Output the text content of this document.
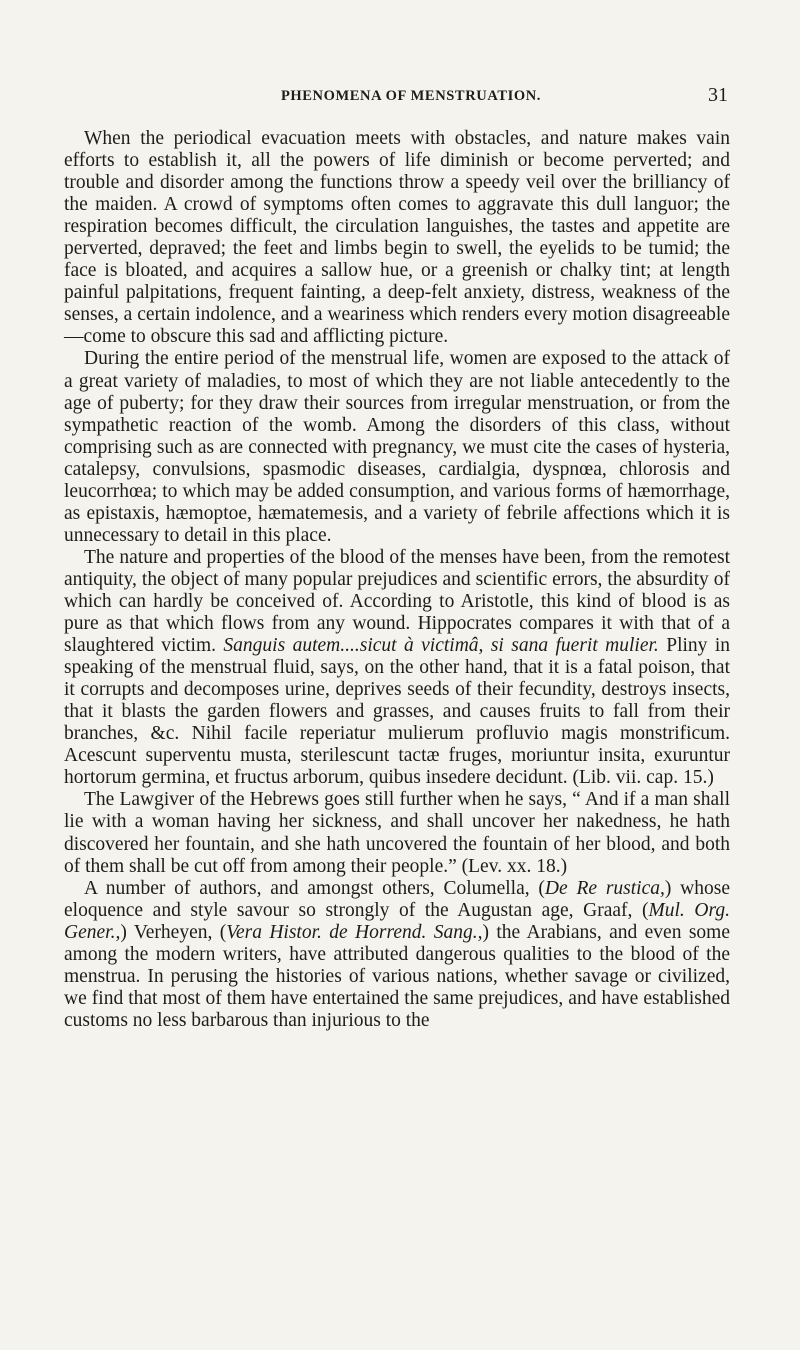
PHENOMENA OF MENSTRUATION.	31

When the periodical evacuation meets with obstacles, and nature makes vain efforts to establish it, all the powers of life diminish or become perverted; and trouble and disorder among the functions throw a speedy veil over the brilliancy of the maiden. A crowd of symptoms often comes to aggravate this dull languor; the respiration becomes difficult, the circulation languishes, the tastes and appetite are perverted, depraved; the feet and limbs begin to swell, the eyelids to be tumid; the face is bloated, and acquires a sallow hue, or a greenish or chalky tint; at length painful palpitations, frequent fainting, a deep-felt anxiety, distress, weakness of the senses, a certain indolence, and a weariness which renders every motion disagreeable —come to obscure this sad and afflicting picture.

During the entire period of the menstrual life, women are exposed to the attack of a great variety of maladies, to most of which they are not liable antecedently to the age of puberty; for they draw their sources from irregular menstruation, or from the sympathetic reaction of the womb. Among the disorders of this class, without comprising such as are connected with pregnancy, we must cite the cases of hysteria, catalepsy, convulsions, spasmodic diseases, cardialgia, dyspnœa, chlorosis and leucorrhœa; to which may be added consumption, and various forms of hæmorrhage, as epistaxis, hæmoptoe, hæmatemesis, and a variety of febrile affections which it is unnecessary to detail in this place.

The nature and properties of the blood of the menses have been, from the remotest antiquity, the object of many popular prejudices and scientific errors, the absurdity of which can hardly be conceived of. According to Aristotle, this kind of blood is as pure as that which flows from any wound. Hippocrates compares it with that of a slaughtered victim. Sanguis autem....sicut à victimâ, si sana fuerit mulier. Pliny in speaking of the menstrual fluid, says, on the other hand, that it is a fatal poison, that it corrupts and decomposes urine, deprives seeds of their fecundity, destroys insects, that it blasts the garden flowers and grasses, and causes fruits to fall from their branches, &c. Nihil facile reperiatur mulierum profluvio magis monstrificum. Acescunt superventu musta, sterilescunt tactæ fruges, moriuntur insita, exuruntur hortorum germina, et fructus arborum, quibus insedere decidunt. (Lib. vii. cap. 15.)

The Lawgiver of the Hebrews goes still further when he says, “ And if a man shall lie with a woman having her sickness, and shall uncover her nakedness, he hath discovered her fountain, and she hath uncovered the fountain of her blood, and both of them shall be cut off from among their people.” (Lev. xx. 18.)

A number of authors, and amongst others, Columella, (De Re rustica,) whose eloquence and style savour so strongly of the Augustan age, Graaf, (Mul. Org. Gener.,) Verheyen, (Vera Histor. de Horrend. Sang.,) the Arabians, and even some among the modern writers, have attributed dangerous qualities to the blood of the menstrua. In perusing the histories of various nations, whether savage or civilized, we find that most of them have entertained the same prejudices, and have established customs no less barbarous than injurious to the
